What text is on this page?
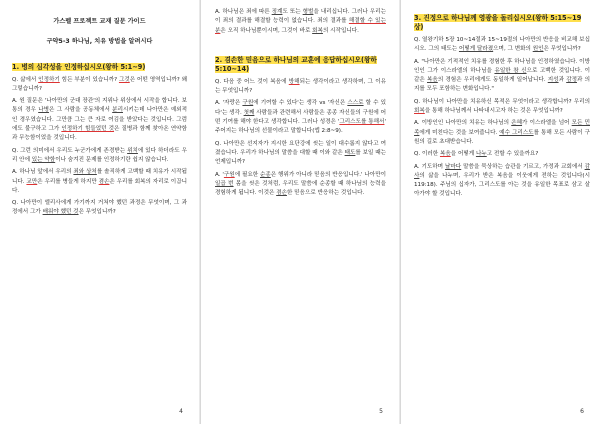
가스펠 프로젝트 교재 질문 가이드
구약5-3 하나님, 치유 방법을 알려시다
1. 병의 심각성을 인정하십시오(왕하 5:1~9)

Q. 삶에서 인정하기 힘든 부분이 있습니까? 그것은 어떤 영역입니까? 왜 그렇습니까?

A. 원 질문은 '나아만의 군대 장관'의 지위나 위상에서 시작을 합니다. 보통의 경우 나병은 그 사람을 공동체에서 분리시키는데 나아만은 예외적인 경우였습니다. 그만큼 그는 큰 자로 여김을 받았다는 것입니다. 그럼에도 불구하고 그가 인정하기 힘들었던 것은 질병과 함께 찾아온 연약함과 무능함이었을 것입니다.

Q. 그런 의미에서 우리도 누군가에게 존경받는 위치에 있다 하더라도 우리 안에 있는 약함이나 숨겨진 문제를 인정하기란 쉽지 않습니다.

A. 하나님 앞에서 우리의 죄와 상처를 솔직하게 고백할 때 치유가 시작됩니다. 교만은 우리를 병들게 하지만 겸손은 우리를 회복의 자리로 이끕니다.

Q. 나아만이 엘리사에게 가기까지 거쳐야 했던 과정은 무엇이며, 그 과정에서 그가 배워야 했던 것은 무엇입니까?

4

A. 하나님은 죄에 따른 징계도 또는 형벌을 내리십니다. 그러나 우리는 이 죄의 결과를 해결할 능력이 없습니다. 죄의 결과를 해결할 수 있는 분은 오직 하나님뿐이시며, 그것이 바로 회복의 시작입니다.

2. 겸손한 믿음으로 하나님의 교훈에 응답하십시오(왕하 5:10~14)

Q. 다음 중 어느 것이 복음에 방해되는 생각이라고 생각하며, 그 이유는 무엇입니까?

A. '자랑은 구원에 기여할 수 있다'는 생각 vs '자신은 스스로 할 수 있다'는 생각. 첫째 사람들과 관련해서 사람들은 종종 자신들의 구원에 어떤 기여를 해야 한다고 생각합니다. 그러나 성경은 '그리스도를 통해서' 주어지는 하나님의 선물이라고 말합니다(엡 2:8~9).

Q. 나아만은 선지자가 지시한 요단강에 씻는 일이 대수롭지 않다고 여겼습니다. 우리가 하나님의 말씀을 대할 때 이와 같은 태도를 보일 때는 언제입니까?

A. '구원에 필요한 순종은 행위가 아니라 믿음의 반응입니다.' 나아만이 일곱 번 몸을 씻은 것처럼, 우리도 말씀에 순종할 때 하나님의 능력을 경험하게 됩니다. 이것은 겸손한 믿음으로 반응하는 것입니다.

5
3. 진정으로 하나님께 영광을 돌리십시오(왕하 5:15~19상)

Q. 열왕기하 5장 10~14절과 15~19절의 나아만의 반응을 비교해 보십시오. 그의 태도는 어떻게 달라졌으며, 그 변화의 원인은 무엇입니까?

A. "나아만은 기적적인 치유를 경험한 후 하나님을 인정하였습니다. 이방인인 그가 이스라엘의 하나님을 유일한 참 신으로 고백한 것입니다. 이 같은 복음의 경험은 우리에게도 동일하게 일어납니다. 지성과 감정과 의지를 모두 포함하는 변화입니다."

Q. 하나님이 나아만을 치유하신 목적은 무엇이라고 생각합니까? 우리의 회복을 통해 하나님께서 나타내시고자 하는 것은 무엇입니까?

A. 이방인인 나아만의 치유는 하나님의 은혜가 이스라엘을 넘어 모든 민족에게 미친다는 것을 보여줍니다. 예수 그리스도를 통해 모든 사람이 구원의 길로 초대받습니다.

Q. 이러한 복음을 어떻게 나누고 전할 수 있을까요?

A. 기도하며 날마다 말씀을 묵상하는 습관을 기르고, 가정과 교회에서 감사의 삶을 나누며, 우리가 받은 복음을 이웃에게 전하는 것입니다(시 119:18). 주님의 십자가, 그리스도를 아는 것을 유일한 목표로 삼고 살아가야 할 것입니다.

6
